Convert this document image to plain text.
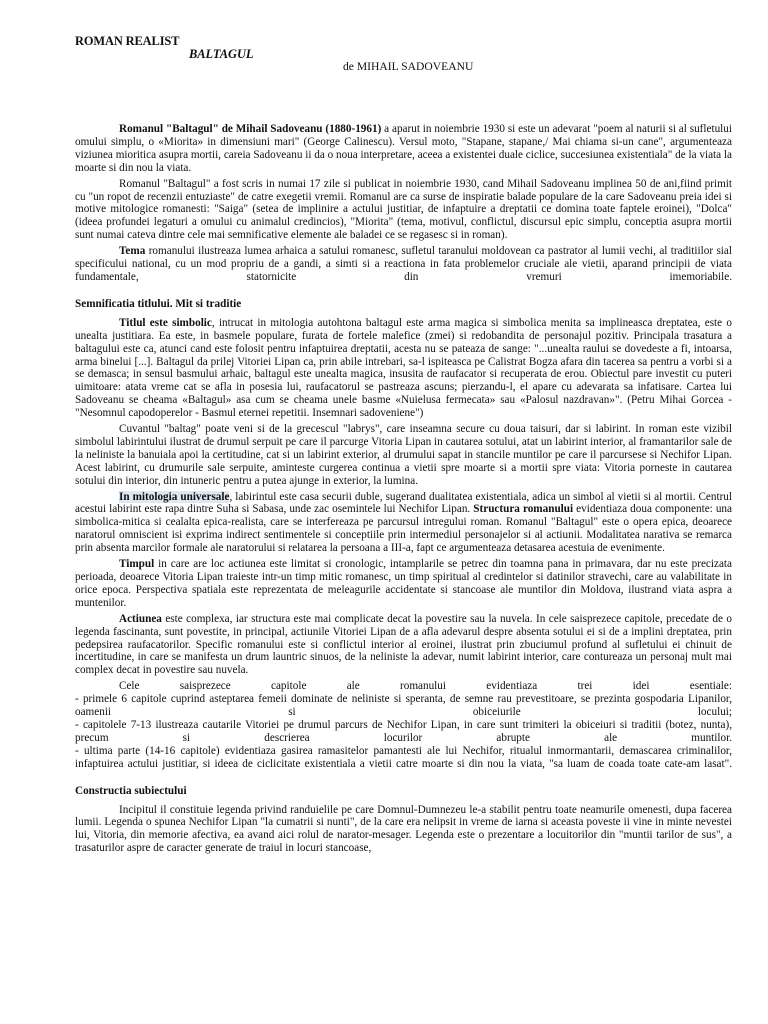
ROMAN REALIST
BALTAGUL
de MIHAIL SADOVEANU

Romanul "Baltagul" de Mihail Sadoveanu (1880-1961) a aparut in noiembrie 1930 si este un adevarat "poem al naturii si al sufletului omului simplu, o «Miorita» in dimensiuni mari" (George Calinescu). Versul moto, "Stapane, stapane,/ Mai chiama si-un cane", argumenteaza viziunea mioritica asupra mortii, careia Sadoveanu ii da o noua interpretare, aceea a existentei duale ciclice, succesiunea existentiala" de la viata la moarte si din nou la viata.

Romanul "Baltagul" a fost scris in numai 17 zile si publicat in noiembrie 1930, cand Mihail Sadoveanu implinea 50 de ani,fiind primit cu "un ropot de recenzii entuziaste" de catre exegetii vremii. Romanul are ca surse de inspiratie balade populare de la care Sadoveanu preia idei si motive mitologice romanesti: "Saiga" (setea de implinire a actului justitiar, de infaptuire a dreptatii ce domina toate faptele eroinei), "Dolca" (ideea profundei legaturi a omului cu animalul credincios), "Miorita" (tema, motivul, conflictul, discursul epic simplu, conceptia asupra mortii sunt numai cateva dintre cele mai semnificative elemente ale baladei ce se regasesc si in roman).

Tema romanului ilustreaza lumea arhaica a satului romanesc, sufletul taranului moldovean ca pastrator al lumii vechi, al traditiilor sial specificului national, cu un mod propriu de a gandi, a simti si a reactiona in fata problemelor cruciale ale vietii, aparand principii de viata fundamentale, statornicite din vremuri imemoriabile.

Semnificatia titlului. Mit si traditie

Titlul este simbolic, intrucat in mitologia autohtona baltagul este arma magica si simbolica menita sa implineasca dreptatea, este o unealta justitiara. Ea este, in basmele populare, furata de fortele malefice (zmei) si redobandita de personajul pozitiv. Principala trasatura a baltagului este ca, atunci cand este folosit pentru infaptuirea dreptatii, acesta nu se pateaza de sange: "...unealta raului se dovedeste a fi, intoarsa, arma binelui [...]. Baltagul da prilej Vitoriei Lipan ca, prin abile intrebari, sa-l ispiteasca pe Calistrat Bogza afara din tacerea sa pentru a vorbi si a se demasca; in sensul basmului arhaic, baltagul este unealta magica, insusita de raufacator si recuperata de erou. Obiectul pare investit cu puteri uimitoare: atata vreme cat se afla in posesia lui, raufacatorul se pastreaza ascuns; pierzandu-l, el apare cu adevarata sa infatisare. Cartea lui Sadoveanu se cheama «Baltagul» asa cum se cheama unele basme «Nuielusa fermecata» sau «Palosul nazdravan»". (Petru Mihai Gorcea - "Nesomnul capodoperelor - Basmul eternei repetitii. Insemnari sadoveniene")

Cuvantul "baltag" poate veni si de la grecescul "labrys", care inseamna secure cu doua taisuri, dar si labirint. In roman este vizibil simbolul labirintului ilustrat de drumul serpuit pe care il parcurge Vitoria Lipan in cautarea sotului, atat un labirint interior, al framantarilor sale de la neliniste la banuiala apoi la certitudine, cat si un labirint exterior, al drumului sapat in stancile muntilor pe care il parcursese si Nechifor Lipan. Acest labirint, cu drumurile sale serpuite, aminteste curgerea continua a vietii spre moarte si a mortii spre viata: Vitoria porneste in cautarea sotului din interior, din intuneric pentru a putea ajunge in exterior, la lumina.

In mitologia universale, labirintul este casa securii duble, sugerand dualitatea existentiala, adica un simbol al vietii si al mortii. Centrul acestui labirint este rapa dintre Suha si Sabasa, unde zac osemintele lui Nechifor Lipan. Structura romanului evidentiaza doua componente: una simbolica-mitica si cealalta epica-realista, care se interfereaza pe parcursul intregului roman. Romanul "Baltagul" este o opera epica, deoarece naratorul omniscient isi exprima indirect sentimentele si conceptiile prin intermediul personajelor si al actiunii. Modalitatea narativa se remarca prin absenta marcilor formale ale naratorului si relatarea la persoana a III-a, fapt ce argumenteaza detasarea acestuia de evenimente.

Timpul in care are loc actiunea este limitat si cronologic, intamplarile se petrec din toamna pana in primavara, dar nu este precizata perioada, deoarece Vitoria Lipan traieste intr-un timp mitic romanesc, un timp spiritual al credintelor si datinilor stravechi, care au valabilitate in orice epoca. Perspectiva spatiala este reprezentata de meleagurile accidentate si stancoase ale muntilor din Moldova, ilustrand viata aspra a muntenilor.

Actiunea este complexa, iar structura este mai complicate decat la povestire sau la nuvela. In cele saisprezece capitole, precedate de o legenda fascinanta, sunt povestite, in principal, actiunile Vitoriei Lipan de a afla adevarul despre absenta sotului ei si de a implini dreptatea, prin pedepsirea raufacatorilor. Specific romanului este si conflictul interior al eroinei, ilustrat prin zbuciumul profund al sufletului ei chinuit de incertitudine, in care se manifesta un drum launtric sinuos, de la neliniste la adevar, numit labirint interior, care contureaza un personaj mult mai complex decat in povestire sau nuvela.

Cele saisprezece capitole ale romanului evidentiaza trei idei esentiale:

- primele 6 capitole cuprind asteptarea femeii dominate de neliniste si speranta, de semne rau prevestitoare, se prezinta gospodaria Lipanilor, oamenii si obiceiurile locului;

- capitolele 7-13 ilustreaza cautarile Vitoriei pe drumul parcurs de Nechifor Lipan, in care sunt trimiteri la obiceiuri si traditii (botez, nunta), precum si descrierea locurilor abrupte ale muntilor.

- ultima parte (14-16 capitole) evidentiaza gasirea ramasitelor pamantesti ale lui Nechifor, ritualul inmormantarii, demascarea criminalilor, infaptuirea actului justitiar, si ideea de ciclicitate existentiala a vietii catre moarte si din nou la viata, "sa luam de coada toate cate-am lasat".

Constructia subiectului

Incipitul il constituie legenda privind randuielile pe care Domnul-Dumnezeu le-a stabilit pentru toate neamurile omenesti, dupa facerea lumii. Legenda o spunea Nechifor Lipan "la cumatrii si nunti", de la care era nelipsit in vreme de iarna si aceasta poveste ii vine in minte nevestei lui, Vitoria, din memorie afectiva, ea avand aici rolul de narator-mesager. Legenda este o prezentare a locuitorilor din "muntii tarilor de sus", a trasaturilor aspre de caracter generate de traiul in locuri stancoase,
